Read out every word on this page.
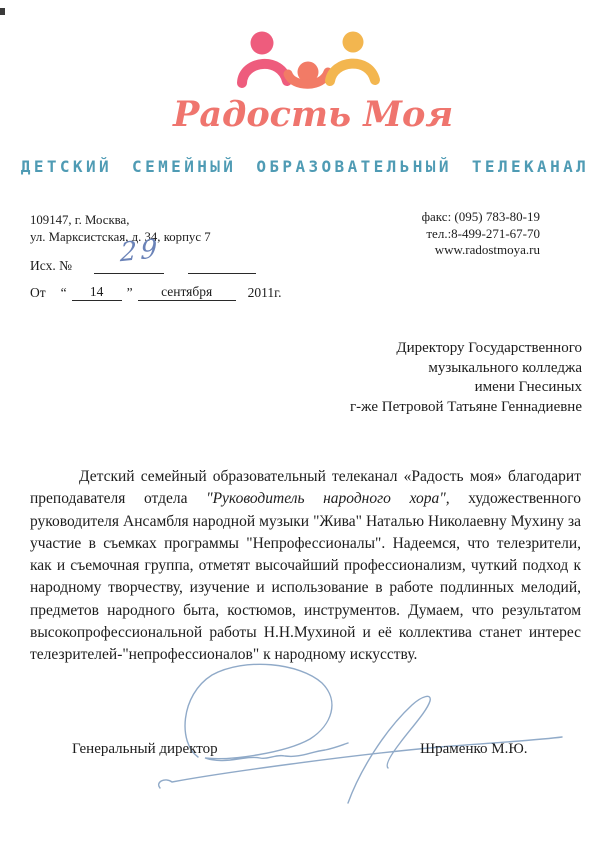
Радость Моя
ДЕТСКИЙ СЕМЕЙНЫЙ ОБРАЗОВАТЕЛЬНЫЙ ТЕЛЕКАНАЛ
109147, г. Москва,
ул. Марксистская, д. 34, корпус 7
факс: (095) 783-80-19
тел.:8-499-271-67-70
www.radostmoya.ru
Исх. № 29
От “	14	”	сентября	2011г.
Директору Государственного
музыкального колледжа
имени Гнесиных
г-же Петровой Татьяне Геннадиевне
Детский семейный образовательный телеканал «Радость моя» благодарит преподавателя отдела "Руководитель народного хора", художественного руководителя Ансамбля народной музыки "Жива" Наталью Николаевну Мухину за участие в съемках программы "Непрофессионалы". Надеемся, что телезрители, как и съемочная группа, отметят высочайший профессионализм, чуткий подход к народному творчеству, изучение и использование в работе подлинных мелодий, предметов народного быта, костюмов, инструментов. Думаем, что результатом высокопрофессиональной работы Н.Н.Мухиной и её коллектива станет интерес телезрителей-"непрофессионалов" к народному искусству.
Генеральный директор	Шраменко М.Ю.
